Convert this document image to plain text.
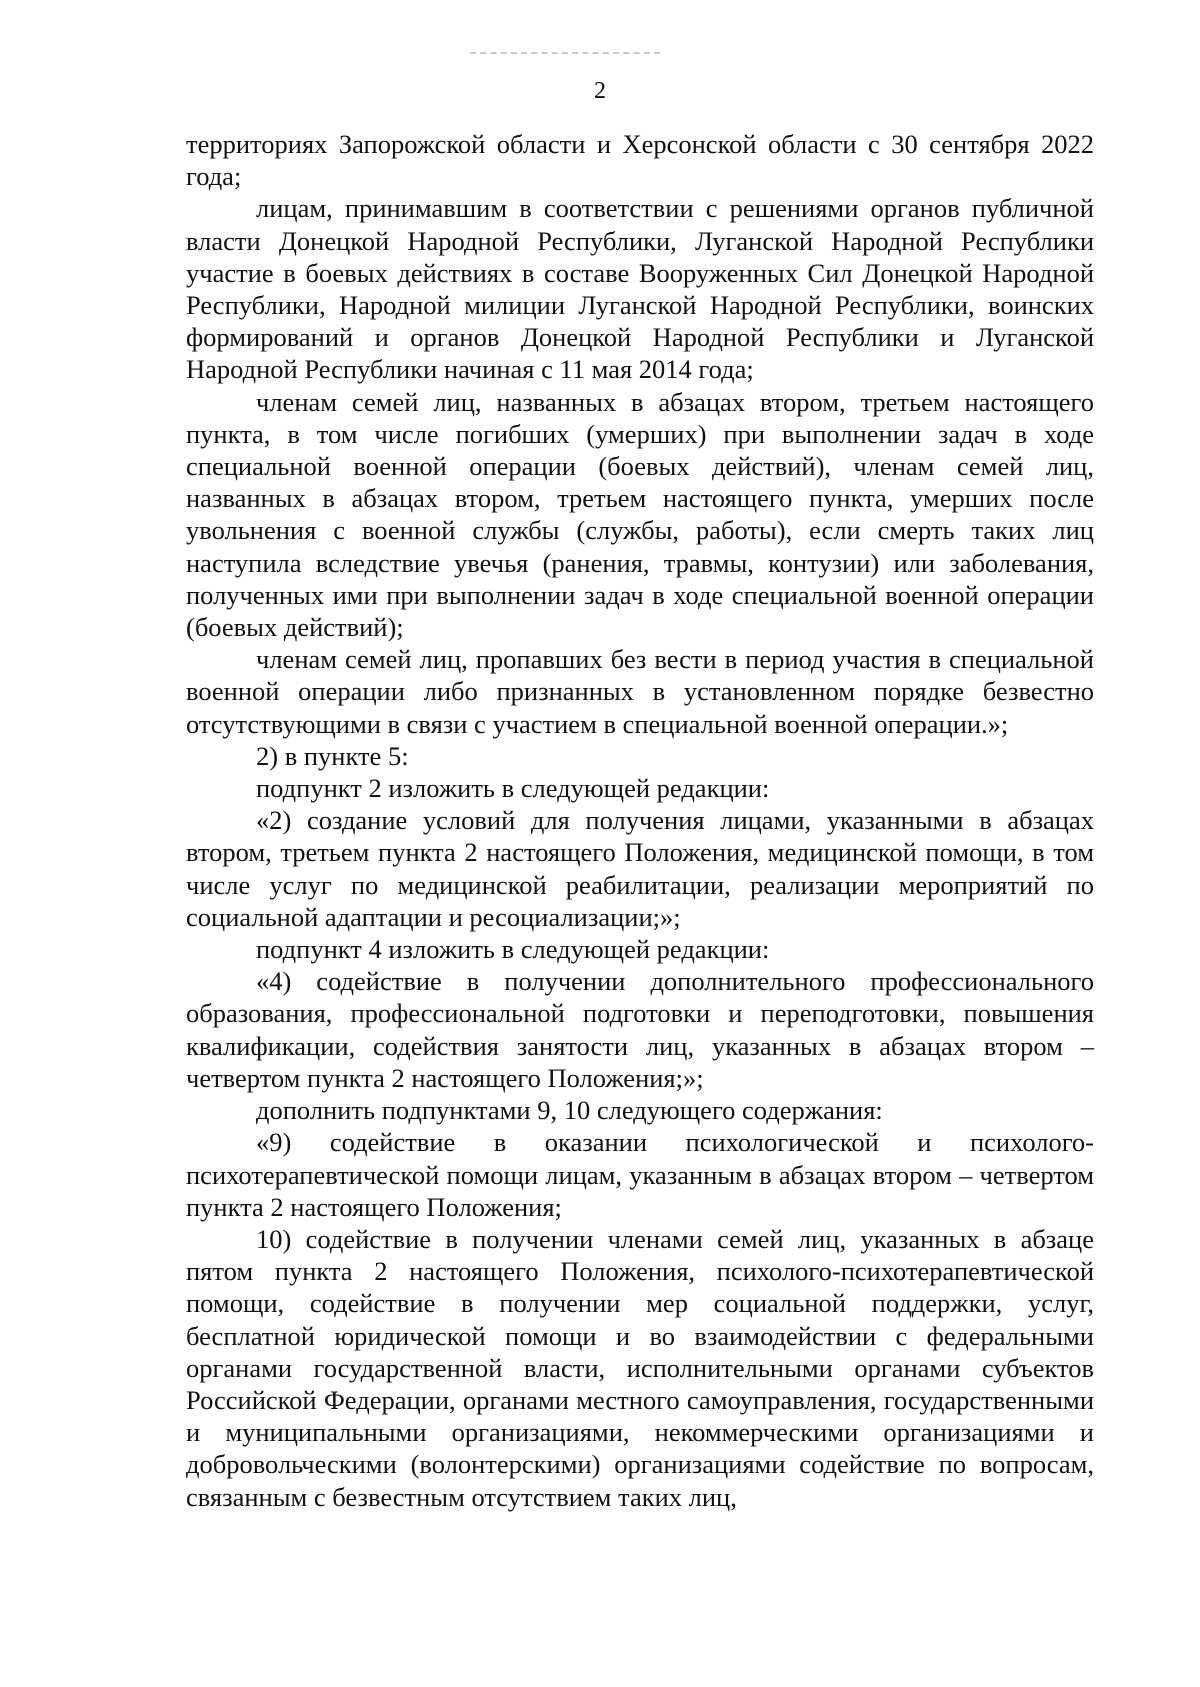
2

территориях Запорожской области и Херсонской области с 30 сентября 2022 года;

лицам, принимавшим в соответствии с решениями органов публичной власти Донецкой Народной Республики, Луганской Народной Республики участие в боевых действиях в составе Вооруженных Сил Донецкой Народной Республики, Народной милиции Луганской Народной Республики, воинских формирований и органов Донецкой Народной Республики и Луганской Народной Республики начиная с 11 мая 2014 года;

членам семей лиц, названных в абзацах втором, третьем настоящего пункта, в том числе погибших (умерших) при выполнении задач в ходе специальной военной операции (боевых действий), членам семей лиц, названных в абзацах втором, третьем настоящего пункта, умерших после увольнения с военной службы (службы, работы), если смерть таких лиц наступила вследствие увечья (ранения, травмы, контузии) или заболевания, полученных ими при выполнении задач в ходе специальной военной операции (боевых действий);

членам семей лиц, пропавших без вести в период участия в специальной военной операции либо признанных в установленном порядке безвестно отсутствующими в связи с участием в специальной военной операции.»;

2) в пункте 5:

подпункт 2 изложить в следующей редакции:

«2) создание условий для получения лицами, указанными в абзацах втором, третьем пункта 2 настоящего Положения, медицинской помощи, в том числе услуг по медицинской реабилитации, реализации мероприятий по социальной адаптации и ресоциализации;»;

подпункт 4 изложить в следующей редакции:

«4) содействие в получении дополнительного профессионального образования, профессиональной подготовки и переподготовки, повышения квалификации, содействия занятости лиц, указанных в абзацах втором – четвертом пункта 2 настоящего Положения;»;

дополнить подпунктами 9, 10 следующего содержания:

«9) содействие в оказании психологической и психолого-психотерапевтической помощи лицам, указанным в абзацах втором – четвертом пункта 2 настоящего Положения;

10) содействие в получении членами семей лиц, указанных в абзаце пятом пункта 2 настоящего Положения, психолого-психотерапевтической помощи, содействие в получении мер социальной поддержки, услуг, бесплатной юридической помощи и во взаимодействии с федеральными органами государственной власти, исполнительными органами субъектов Российской Федерации, органами местного самоуправления, государственными и муниципальными организациями, некоммерческими организациями и добровольческими (волонтерскими) организациями содействие по вопросам, связанным с безвестным отсутствием таких лиц,
